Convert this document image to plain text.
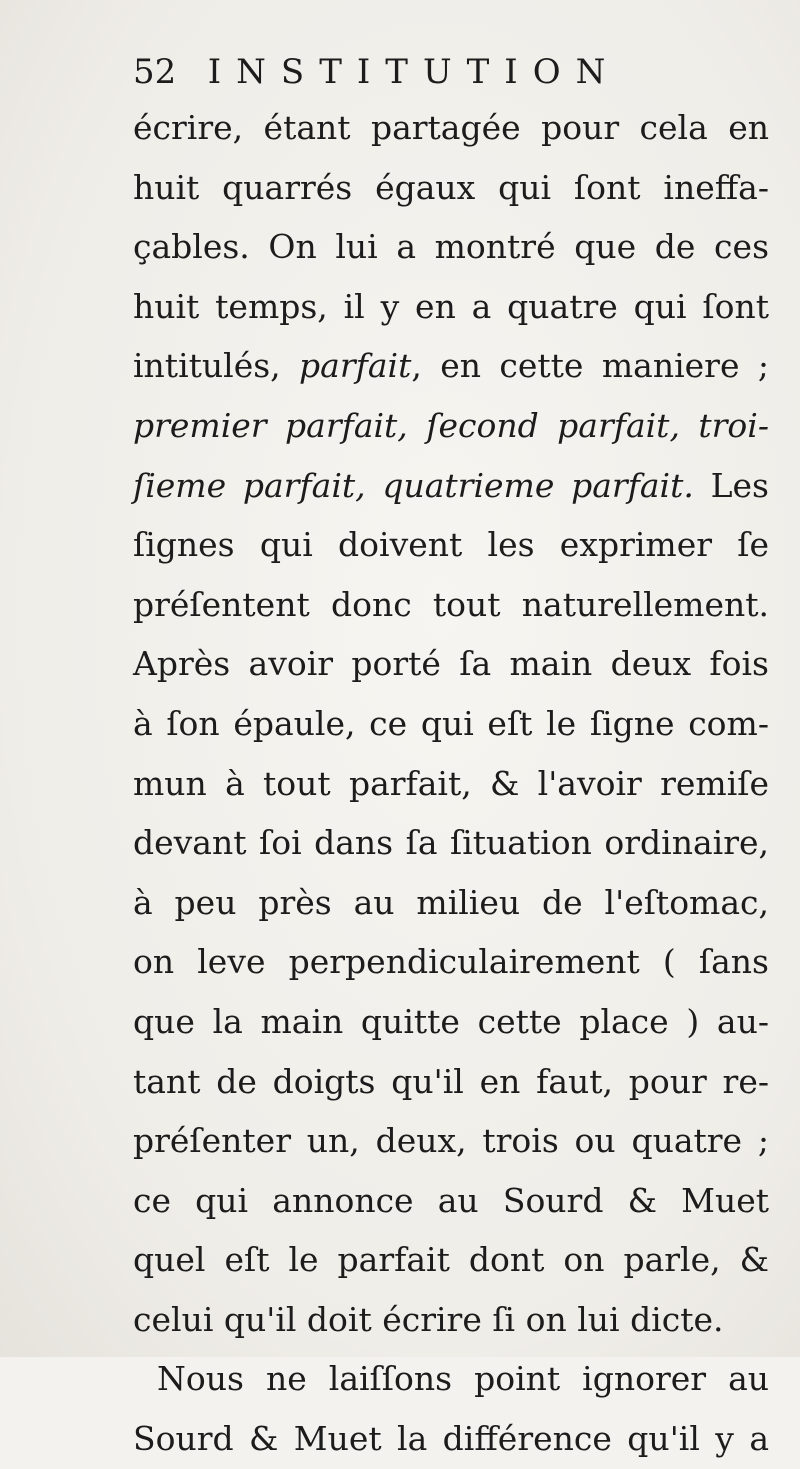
52 INSTITUTION
écrire, étant partagée pour cela en
huit quarrés égaux qui ſont ineffa-
çables. On lui a montré que de ces
huit temps, il y en a quatre qui ſont
intitulés, parfait, en cette maniere ;
premier parfait, ſecond parfait, troi-
ſieme parfait, quatrieme parfait. Les
ſignes qui doivent les exprimer ſe
préſentent donc tout naturellement.
Après avoir porté ſa main deux fois
à ſon épaule, ce qui eſt le ſigne com-
mun à tout parfait, & l'avoir remiſe
devant ſoi dans ſa ſituation ordinaire,
à peu près au milieu de l'eſtomac,
on leve perpendiculairement ( ſans
que la main quitte cette place ) au-
tant de doigts qu'il en faut, pour re-
préſenter un, deux, trois ou quatre ;
ce qui annonce au Sourd & Muet
quel eſt le parfait dont on parle, &
celui qu'il doit écrire ſi on lui dicte.
Nous ne laiſſons point ignorer au
Sourd & Muet la différence qu'il y a
